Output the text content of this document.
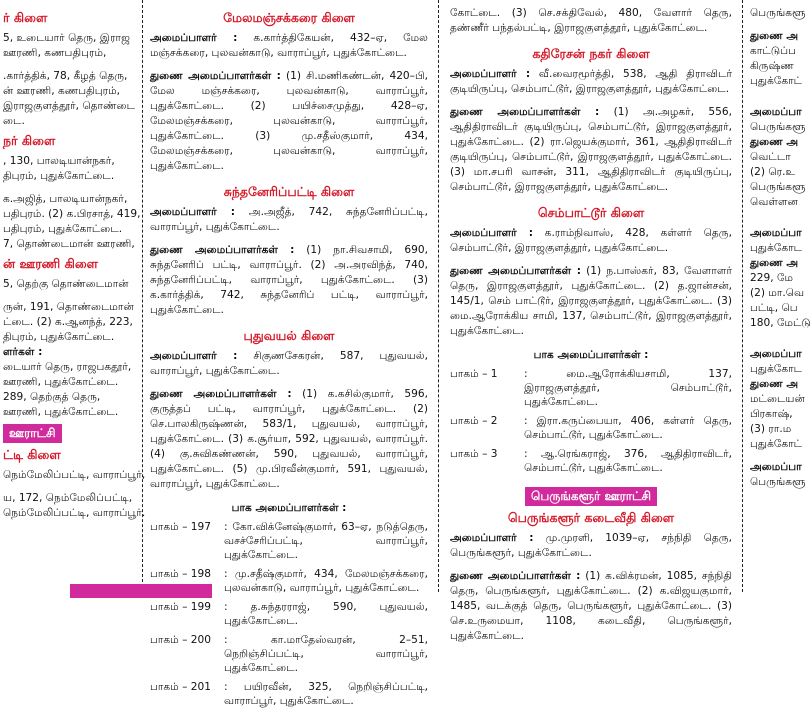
ர் கிளை
5, உடையார் தெரு, இராஜ
ஊரணி, கணபதிபுரம்,
.கார்த்திக், 78, கீழத் தெரு,
ன் ஊரணி, கணபதிபுரம்,
இராஜகுளத்தூர், தொண்டை
டை.
நர் கிளை
, 130, பாலடியான்நகர்,
திபுரம், புதுக்கோட்டை.
க.அஜித், பாலடியான்நகர்,
பதிபுரம். (2) க.பிரசாத், 419,
பதிபுரம், புதுக்கோட்டை.
7, தொண்டைமான் ஊரணி,
ன் ஊரணி கிளை
5, தெற்கு தொண்டைமான்
ருன், 191, தொண்டைமான்
ட்டை. (2) க.ஆனந்த், 223,
திபுரம், புதுக்கோட்டை.
ளர்கள் :
டையார் தெரு, ராஜபகதூர்,
ஊரணி, புதுக்கோட்டை.
289, தெற்குத் தெரு,
ஊரணி, புதுக்கோட்டை.
ஊராட்சி
ட்டி கிளை
நெம்மேலிப்பட்டி, வாராப்பூர்,
ய, 172, நெம்மேலிப்பட்டி,
நெம்மேலிப்பட்டி, வாராப்பூர்.
மேலமஞ்சக்கரை கிளை

அமைப்பாளர் : க.கார்த்திகேயன், 432–ஏ, மேல மஞ்சக்கரை, புலவன்காடு, வாராப்பூர், புதுக்கோட்டை.

துணை அமைப்பாளர்கள் : (1) சி.மணிகண்டன், 420–பி, மேல மஞ்சக்கரை, புலவன்காடு, வாராப்பூர், புதுக்கோட்டை. (2) பயிச்சைமுத்து, 428–ஏ, மேலமஞ்சக்கரை, புலவன்காடு, வாராப்பூர், புதுக்கோட்டை. (3) மு.சதீஸ்குமார், 434, மேலமஞ்சக்கரை, புலவன்காடு, வாராப்பூர், புதுக்கோட்டை.

சுந்தனேரிப்பட்டி கிளை

அமைப்பாளர் : அ.அஜீத், 742, சுந்தனேரிப்பட்டி, வாராப்பூர், புதுக்கோட்டை.

துணை அமைப்பாளர்கள் : (1) நா.சிவசாமி, 690, சுந்தனேரிப் பட்டி, வாராப்பூர். (2) அ.அரவிந்த், 740, சுந்தனேரிப்பட்டி, வாராப்பூர், புதுக்கோட்டை. (3) க.கார்த்திக், 742, சுந்தனேரிப் பட்டி, வாராப்பூர், புதுக்கோட்டை.

புதுவயல் கிளை

அமைப்பாளர் : சிகுணசேகரன், 587, புதுவயல், வாராப்பூர், புதுக்கோட்டை.

துணை அமைப்பாளர்கள் : (1) க.கசில்குமார், 596, குருத்தப் பட்டி, வாராப்பூர், புதுக்கோட்டை. (2) செ.பாலகிருஷ்ணன், 583/1, புதுவயல், வாராப்பூர், புதுக்கோட்டை. (3) க.சூர்யா, 592, புதுவயல், வாராப்பூர். (4) கு.சுவிகண்ணன், 590, புதுவயல், வாராப்பூர், புதுக்கோட்டை. (5) மு.பிரவீன்குமார், 591, புதுவயல், வாராப்பூர், புதுக்கோட்டை.

பாக அமைப்பாளர்கள் :
பாகம் – 197	: கோ.விக்னேஷ்குமார், 63–ஏ, நடுத்தெரு, வசச்சேரிப்பட்டி, வாராப்பூர், புதுக்கோட்டை.
பாகம் – 198	: மு.சதீஷ்குமார், 434, மேலமஞ்சக்கரை, புலவன்காடு, வாராப்பூர், புதுக்கோட்டை.
பாகம் – 199	: த.சுந்தரராஜ், 590, புதுவயல், புதுக்கோட்டை.
பாகம் – 200	: கா.மாதேஸ்வரன், 2–51, நெறிஞ்சிப்பட்டி, வாராப்பூர், புதுக்கோட்டை.
பாகம் – 201	: பயிரவீன், 325, நெறிஞ்சிப்பட்டி, வாராப்பூர், புதுக்கோட்டை.

கோட்டை. (3) செ.சக்திவேல், 480, வேளார் தெரு, தண்ணீர் பந்தல்பட்டி, இராஜகுளத்தூர், புதுக்கோட்டை.

கதிரேசன் நகர் கிளை

அமைப்பாளர் : வீ.வைரமூர்த்தி, 538, ஆதி திராவிடர் குடியிருப்பு, செம்பாட்டூர், இராஜகுளத்தூர், புதுக்கோட்டை.

துணை அமைப்பாளர்கள் : (1) அ.அழகர், 556, ஆதிதிராவிடர் குடியிருப்பு, செம்பாட்டூர், இராஜகுளத்தூர், புதுக்கோட்டை. (2) ரா.ஜெயக்குமார், 361, ஆதிதிராவிடர் குடியிருப்பு, செம்பாட்டூர், இராஜகுளத்தூர், புதுக்கோட்டை. (3) மா.சபரி வாசன், 311, ஆதிதிராவிடர் குடியிருப்பு, செம்பாட்டூர், இராஜகுளத்தூர், புதுக்கோட்டை.

செம்பாட்டூர் கிளை

அமைப்பாளர் : க.ராம்நிவாஸ், 428, கள்ளர் தெரு, செம்பாட்டூர், இராஜகுளத்தூர், புதுக்கோட்டை.

துணை அமைப்பாளர்கள் : (1) ந.பாஸ்கர், 83, வேளாளர் தெரு, இராஜகுளத்தூர், புதுக்கோட்டை. (2) த.ஜான்சன், 145/1, செம் பாட்டூர், இராஜகுளத்தூர், புதுக்கோட்டை. (3) மை.ஆரோக்கிய சாமி, 137, செம்பாட்டூர், இராஜகுளத்தூர், புதுக்கோட்டை.

பாக அமைப்பாளர்கள் :
பாகம் – 1	: மை.ஆரோக்கியசாமி, 137, இராஜகுளத்தூர், செம்பாட்டூர், புதுக்கோட்டை.
பாகம் – 2	: இரா.கருப்பையா, 406, கள்ளர் தெரு, செம்பாட்டூர், புதுக்கோட்டை.
பாகம் – 3	: ஆ.ரெங்கராஜ், 376, ஆதிதிராவிடர், செம்பாட்டூர், புதுக்கோட்டை.
பெருங்களூர் ஊராட்சி
பெருங்களூர் கடைவீதி கிளை

அமைப்பாளர் : மு.முரளி, 1039–ஏ, சந்நிதி தெரு, பெருங்களூர், புதுக்கோட்டை.

துணை அமைப்பாளர்கள் : (1) க.விக்ரமன், 1085, சந்நிதி தெரு, பெருங்களூர், புதுக்கோட்டை. (2) க.விஜயகுமார், 1485, வடக்குத் தெரு, பெருங்களூர், புதுக்கோட்டை. (3) செ.உருமையா, 1108, கடைவீதி, பெருங்களூர், புதுக்கோட்டை.

பெருங்களூ
துணை அ
காட்டுப்ப
கிருஷ்ண
புதுக்கோட்
அமைப்பா
பெருங்களூ
துணை அ
வெட்டா
(2) ரெ.உ
பெருங்களூ
வெள்ளன
அமைப்பா
புதுக்கோட
துணை அ
229, மே
(2) மா.வெ
பட்டி, பெ
180, மேட்டு
அமைப்பா
புதுக்கோட
துணை அ
மட்டையன்
பிரகாஷ்,
(3) ரா.ம
புதுக்கோட்
அமைப்பா
பெருங்களூ
